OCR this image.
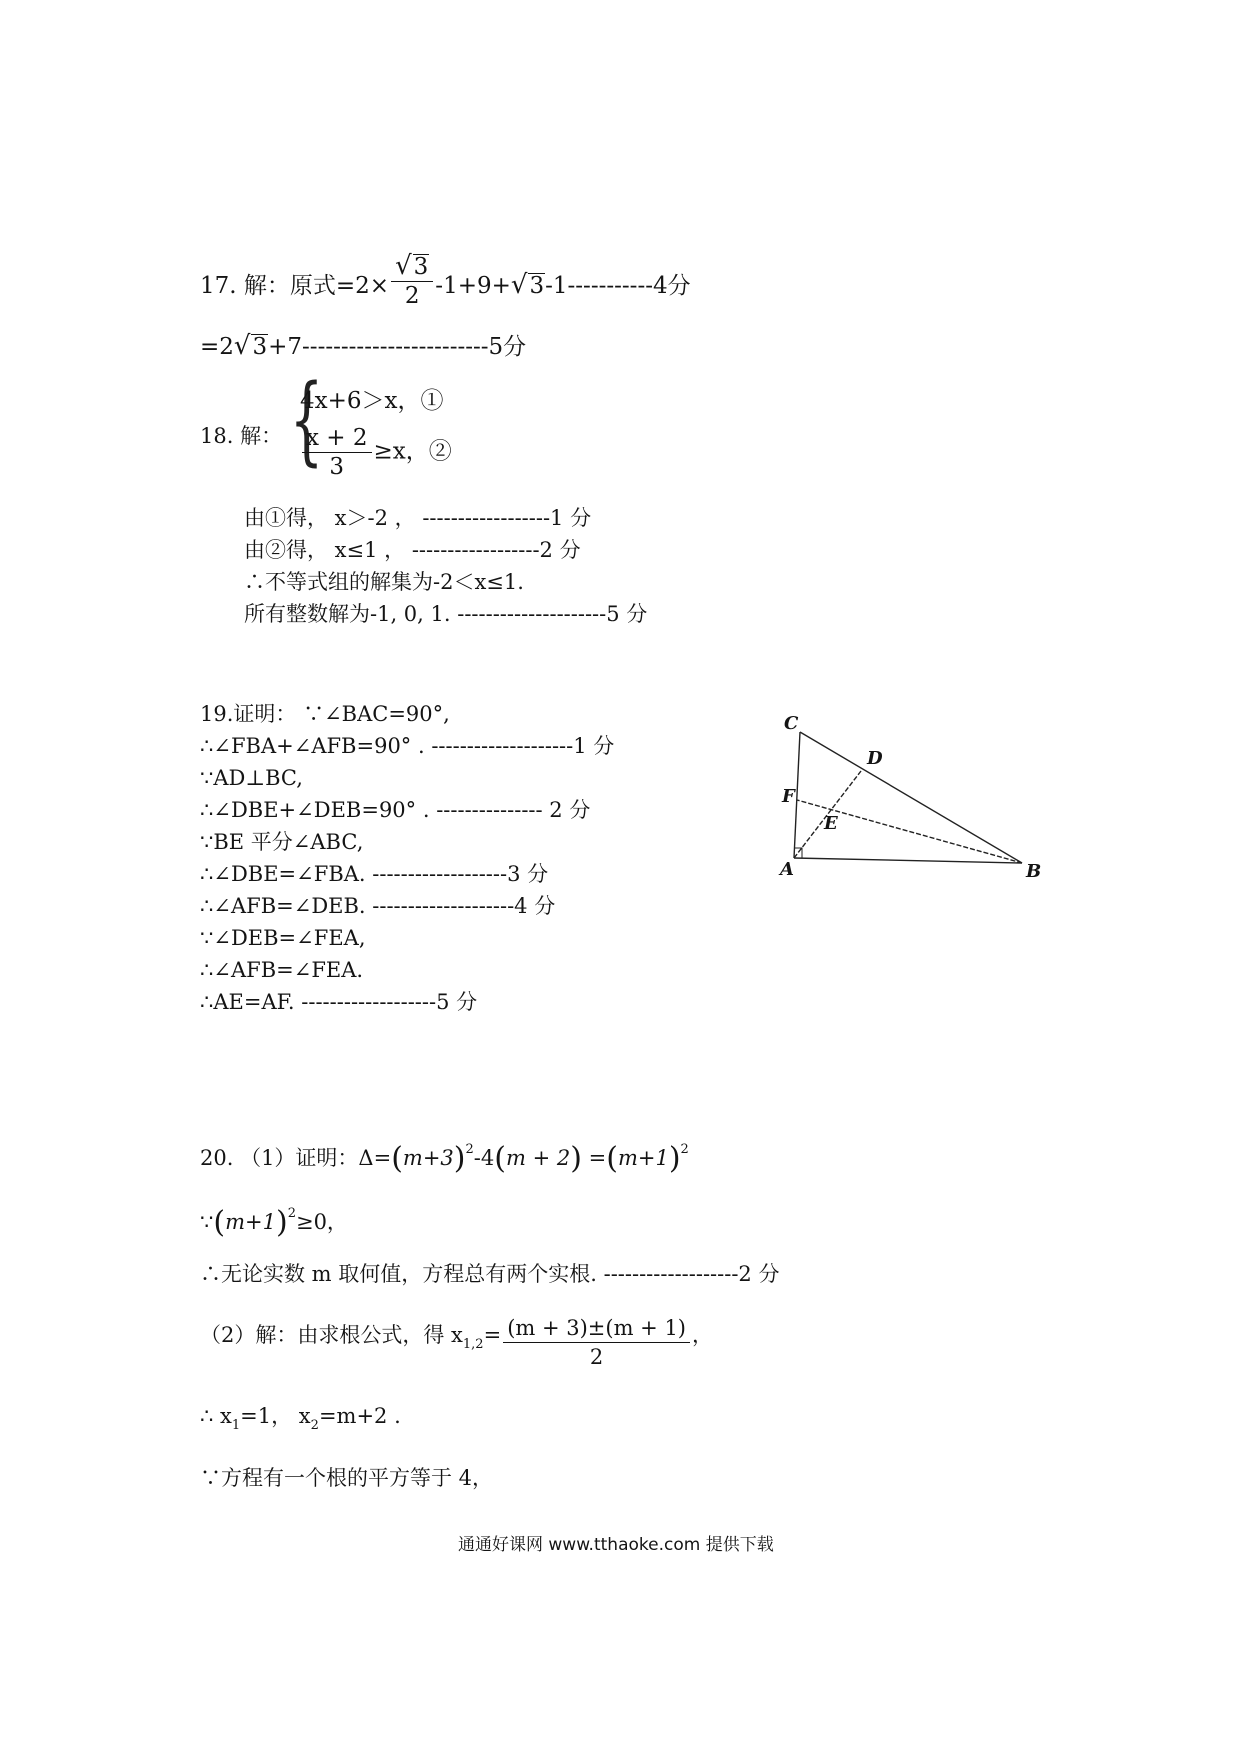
17. 解：原式$=2\times \frac{√3}{2} -1+9+√3-1-----------4$分
=2√3+7------------------------5分
18. 解： {
4x+6＞x，①
$\frac{x + 2}{3} \ge x$，②
由①得， x＞-2 ， ------------------1 分
由②得， x≤1 ， ------------------2 分
∴不等式组的解集为-2＜x≤1.
所有整数解为-1, 0, 1. ---------------------5 分
19.证明： ∵∠BAC=90°,
∴∠FBA+∠AFB=90° . --------------------1 分
∵AD⊥BC,
∴∠DBE+∠DEB=90° . --------------- 2 分
∵BE 平分∠ABC,
∴∠DBE=∠FBA. -------------------3 分
∴∠AFB=∠DEB. --------------------4 分
∵∠DEB=∠FEA,
∴∠AFB=∠FEA.
∴AE=AF. -------------------5 分
C
D
F
E
A	B
20. （1）证明：$\Delta=(m+3)^2-4(m + 2) =(m+1)^2$
$\because(m+1)^2\ge 0$，
∴无论实数 m 取何值，方程总有两个实根. -------------------2 分
（2）解：由求根公式，得 $x_{1,2}= \frac{(m + 3)\pm(m + 1)}{2}$ ，
∴ $x_1=1$， $x_2=m+2$ .
∵方程有一个根的平方等于 4，
通通好课网 www.tthaoke.com 提供下载
